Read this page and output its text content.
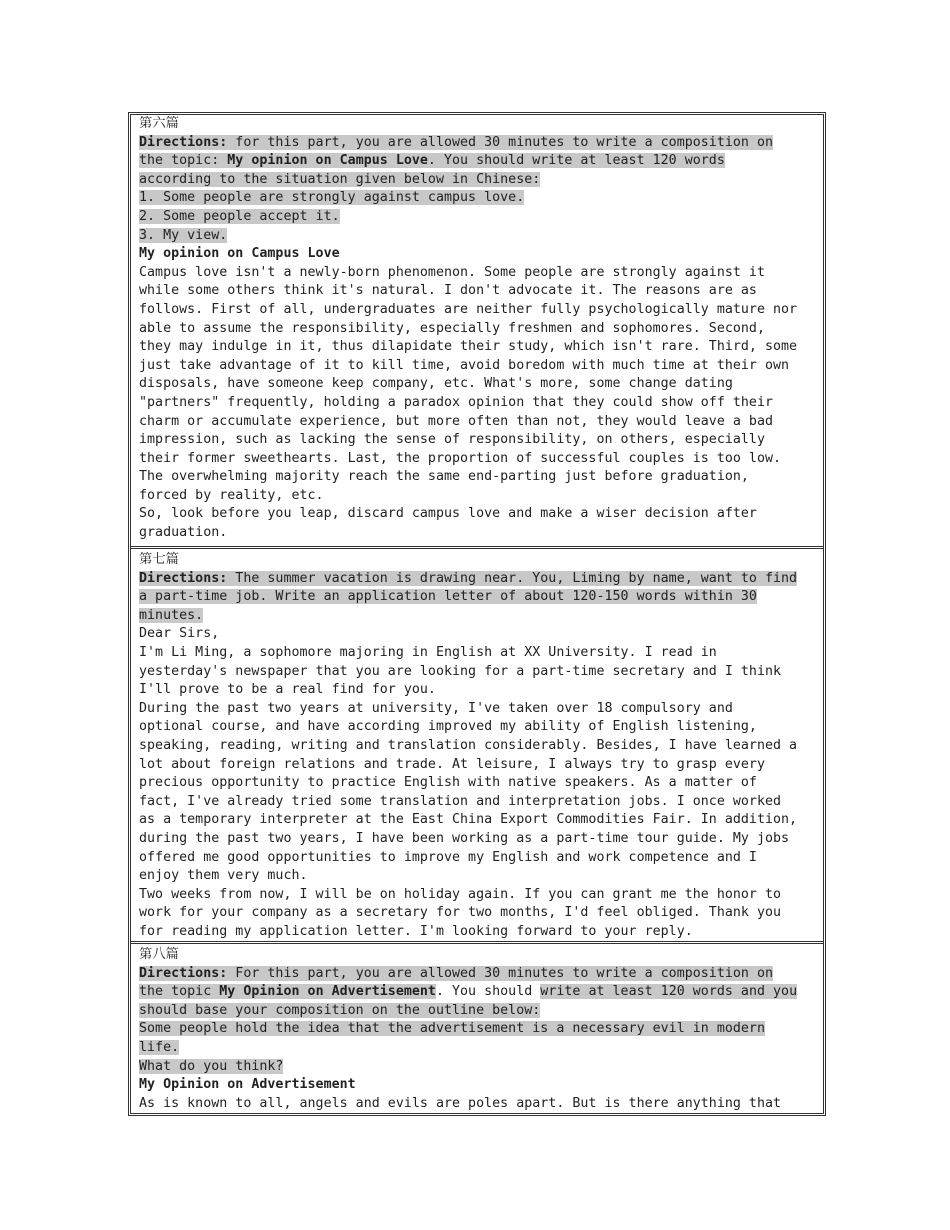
第六篇
Directions: for this part, you are allowed 30 minutes to write a composition on
the topic: My opinion on Campus Love. You should write at least 120 words
according to the situation given below in Chinese:
1. Some people are strongly against campus love.
2. Some people accept it.
3. My view.
My opinion on Campus Love
Campus love isn't a newly-born phenomenon. Some people are strongly against it
while some others think it's natural. I don't advocate it. The reasons are as
follows. First of all, undergraduates are neither fully psychologically mature nor
able to assume the responsibility, especially freshmen and sophomores. Second,
they may indulge in it, thus dilapidate their study, which isn't rare. Third, some
just take advantage of it to kill time, avoid boredom with much time at their own
disposals, have someone keep company, etc. What's more, some change dating
"partners" frequently, holding a paradox opinion that they could show off their
charm or accumulate experience, but more often than not, they would leave a bad
impression, such as lacking the sense of responsibility, on others, especially
their former sweethearts. Last, the proportion of successful couples is too low.
The overwhelming majority reach the same end-parting just before graduation,
forced by reality, etc.
So, look before you leap, discard campus love and make a wiser decision after
graduation.
第七篇
Directions: The summer vacation is drawing near. You, Liming by name, want to find
a part-time job. Write an application letter of about 120-150 words within 30
minutes.
Dear Sirs,
I'm Li Ming, a sophomore majoring in English at XX University. I read in
yesterday's newspaper that you are looking for a part-time secretary and I think
I'll prove to be a real find for you.
During the past two years at university, I've taken over 18 compulsory and
optional course, and have according improved my ability of English listening,
speaking, reading, writing and translation considerably. Besides, I have learned a
lot about foreign relations and trade. At leisure, I always try to grasp every
precious opportunity to practice English with native speakers. As a matter of
fact, I've already tried some translation and interpretation jobs. I once worked
as a temporary interpreter at the East China Export Commodities Fair. In addition,
during the past two years, I have been working as a part-time tour guide. My jobs
offered me good opportunities to improve my English and work competence and I
enjoy them very much.
Two weeks from now, I will be on holiday again. If you can grant me the honor to
work for your company as a secretary for two months, I'd feel obliged. Thank you
for reading my application letter. I'm looking forward to your reply.
第八篇
Directions: For this part, you are allowed 30 minutes to write a composition on
the topic My Opinion on Advertisement. You should write at least 120 words and you
should base your composition on the outline below:
Some people hold the idea that the advertisement is a necessary evil in modern
life.
What do you think?
My Opinion on Advertisement
As is known to all, angels and evils are poles apart. But is there anything that
